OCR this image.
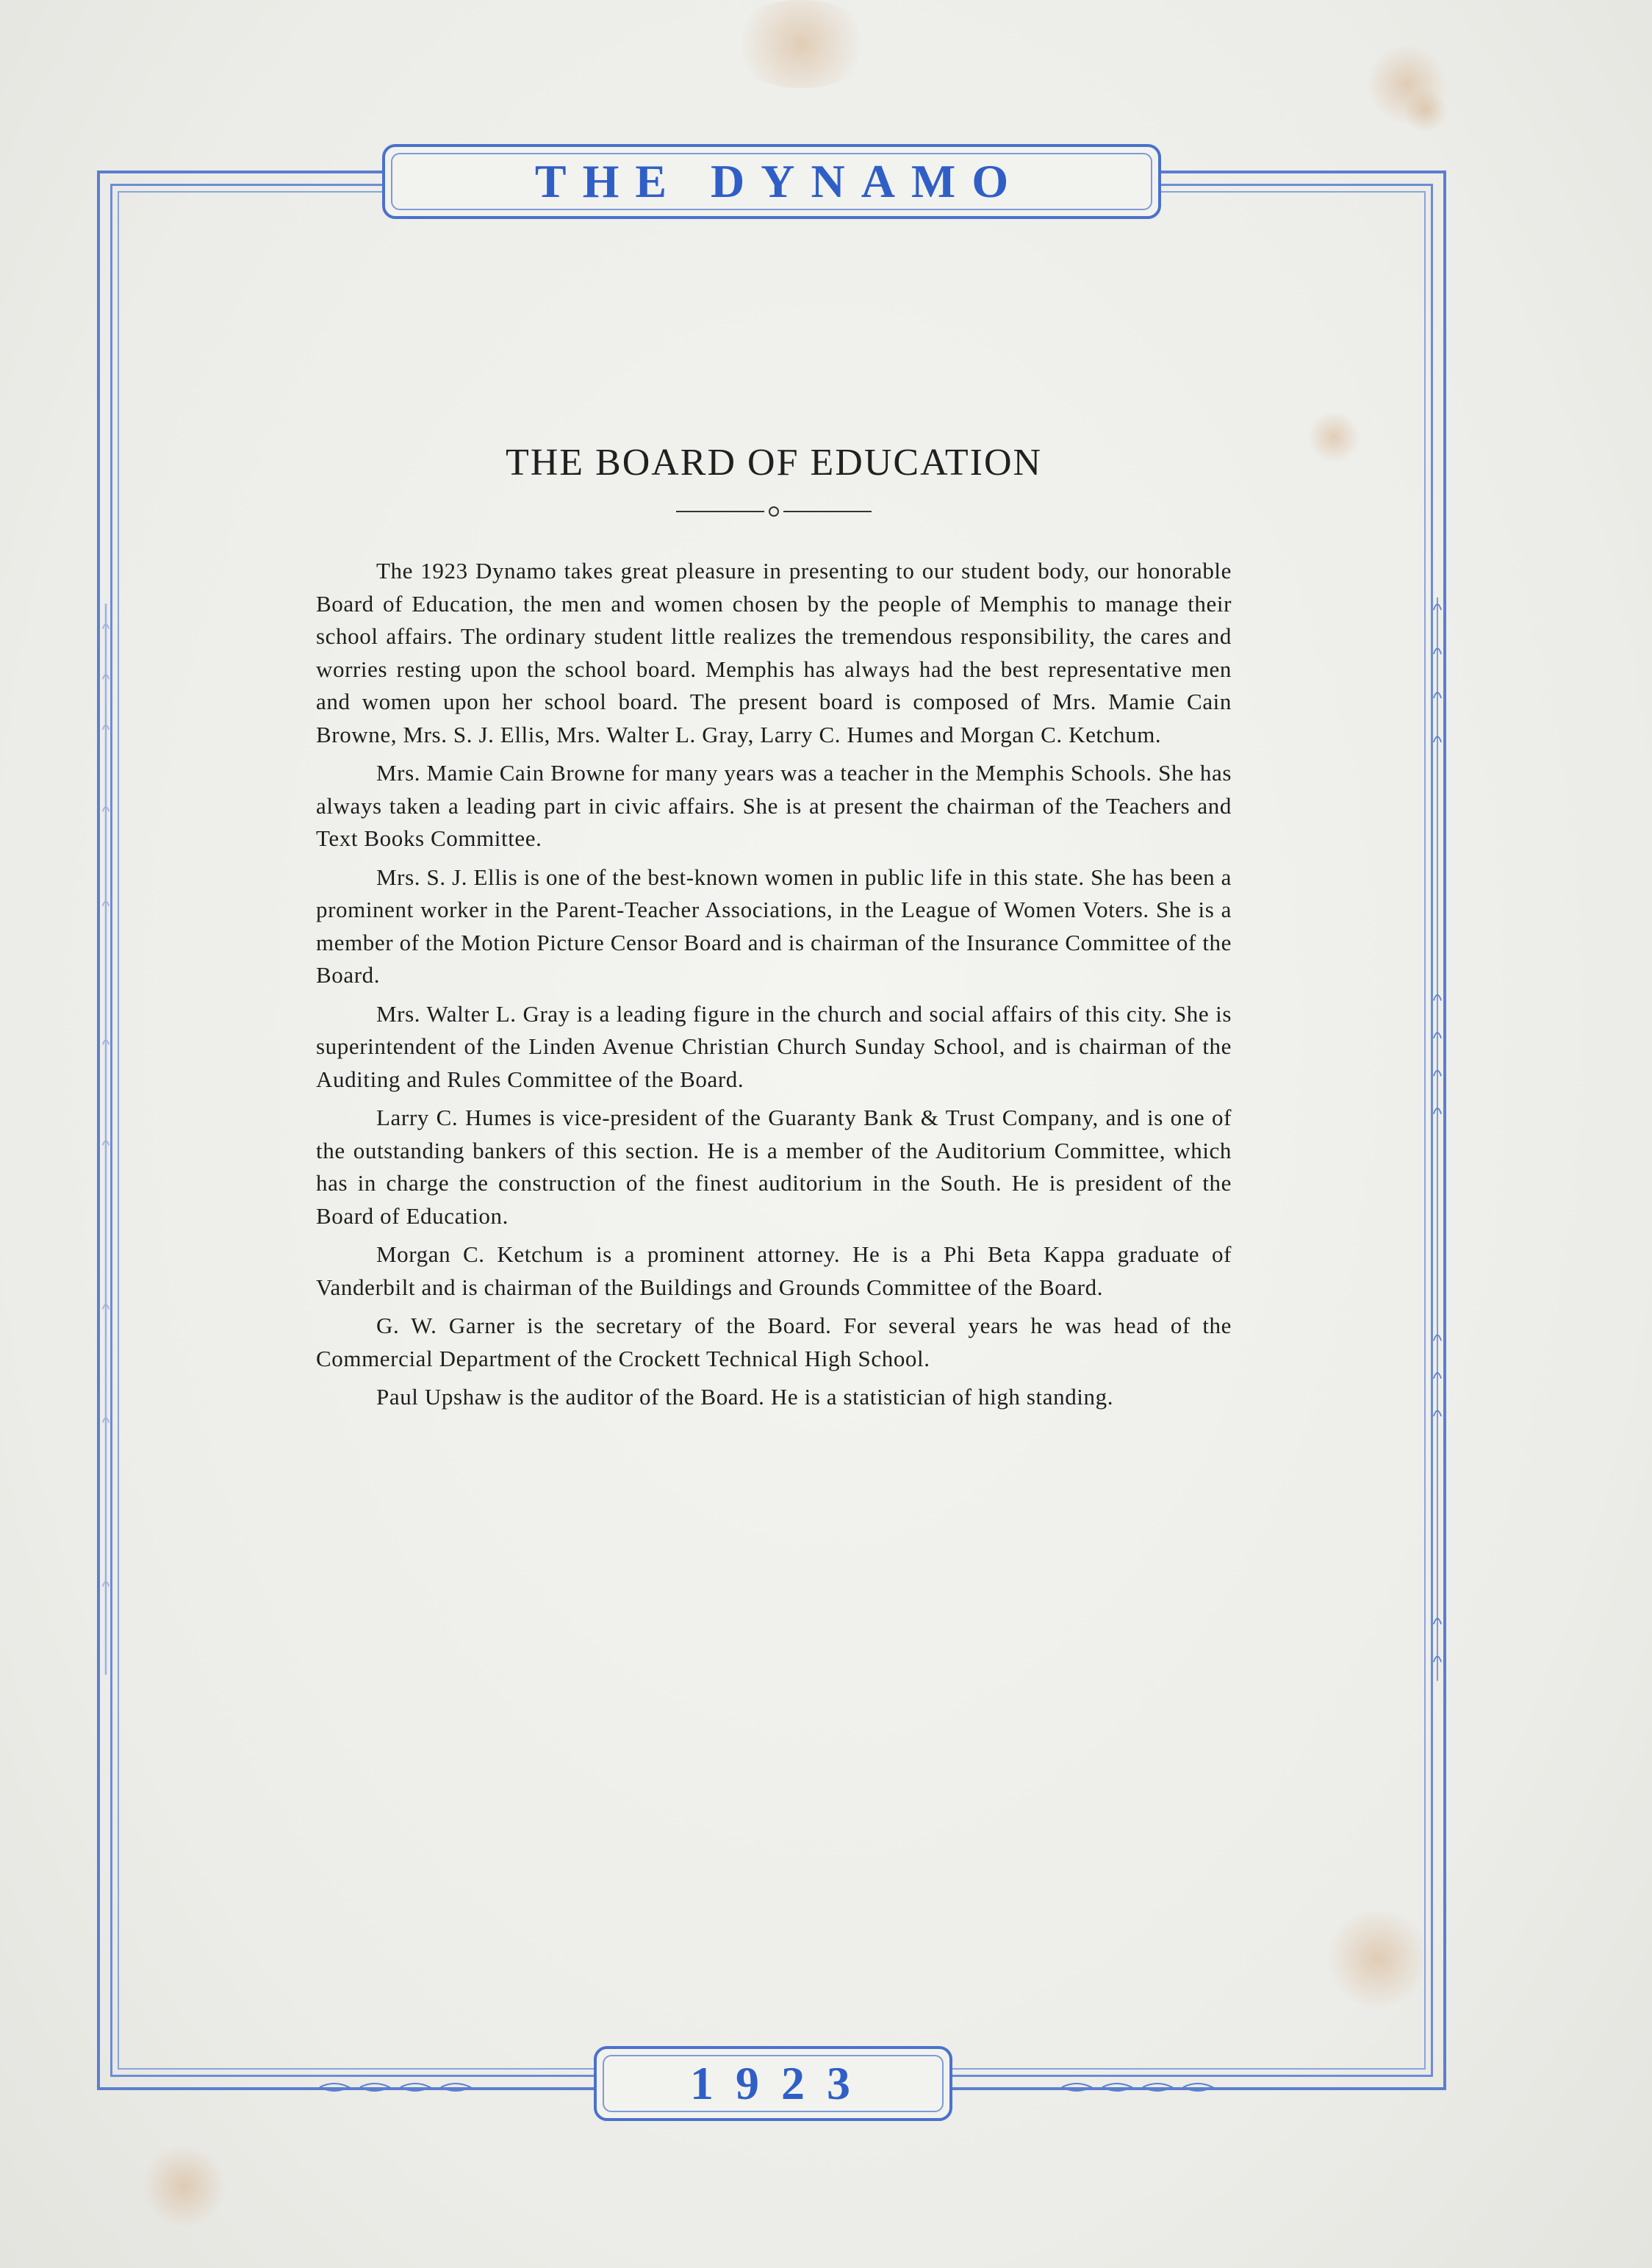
THE DYNAMO
1923
THE BOARD OF EDUCATION

The 1923 Dynamo takes great pleasure in presenting to our student body, our honorable Board of Education, the men and women chosen by the people of Memphis to manage their school affairs. The ordinary student little realizes the tremendous responsibility, the cares and worries resting upon the school board. Memphis has always had the best representative men and women upon her school board. The present board is composed of Mrs. Mamie Cain Browne, Mrs. S. J. Ellis, Mrs. Walter L. Gray, Larry C. Humes and Morgan C. Ketchum.

Mrs. Mamie Cain Browne for many years was a teacher in the Memphis Schools. She has always taken a leading part in civic affairs. She is at present the chairman of the Teachers and Text Books Committee.

Mrs. S. J. Ellis is one of the best-known women in public life in this state. She has been a prominent worker in the Parent-Teacher Associations, in the League of Women Voters. She is a member of the Motion Picture Censor Board and is chairman of the Insurance Committee of the Board.

Mrs. Walter L. Gray is a leading figure in the church and social affairs of this city. She is superintendent of the Linden Avenue Christian Church Sunday School, and is chairman of the Auditing and Rules Committee of the Board.

Larry C. Humes is vice-president of the Guaranty Bank & Trust Company, and is one of the outstanding bankers of this section. He is a member of the Auditorium Committee, which has in charge the construction of the finest auditorium in the South. He is president of the Board of Education.

Morgan C. Ketchum is a prominent attorney. He is a Phi Beta Kappa graduate of Vanderbilt and is chairman of the Buildings and Grounds Committee of the Board.

G. W. Garner is the secretary of the Board. For several years he was head of the Commercial Department of the Crockett Technical High School.

Paul Upshaw is the auditor of the Board. He is a statistician of high standing.
